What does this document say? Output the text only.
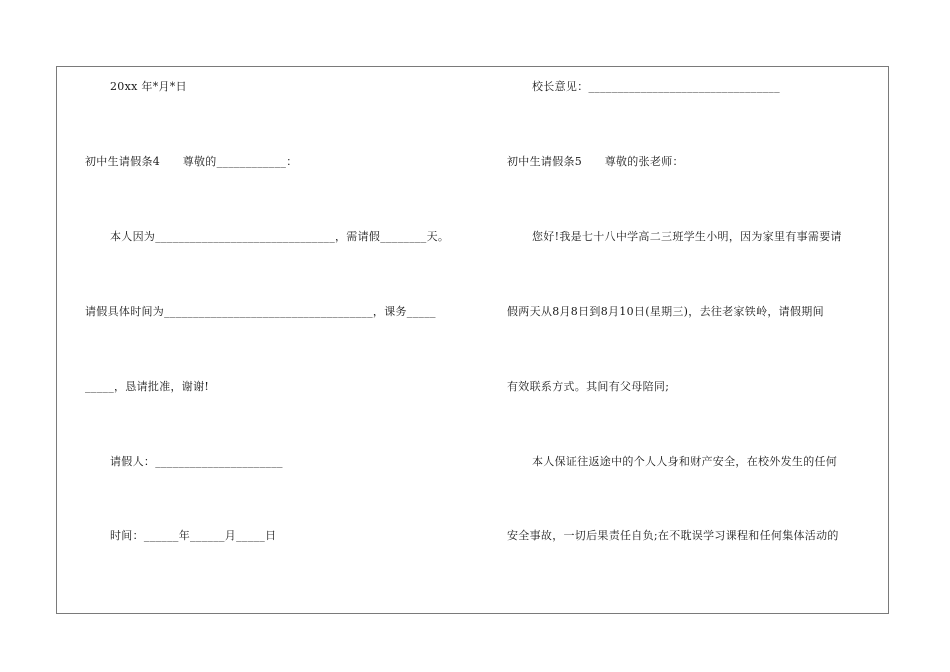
20xx 年*月*日
初中生请假条4　　尊敬的____________：
本人因为_______________________________，需请假________天。
请假具体时间为____________________________________，课务_____
_____，恳请批准，谢谢!
请假人：______________________
时间：______年______月_____日
校长意见：_________________________________
初中生请假条5　　尊敬的张老师：
您好!我是七十八中学高二三班学生小明，因为家里有事需要请
假两天从8月8日到8月10日(星期三)，去往老家铁岭，请假期间
有效联系方式。其间有父母陪同;
本人保证往返途中的个人人身和财产安全，在校外发生的任何
安全事故，一切后果责任自负;在不耽误学习课程和任何集体活动的
